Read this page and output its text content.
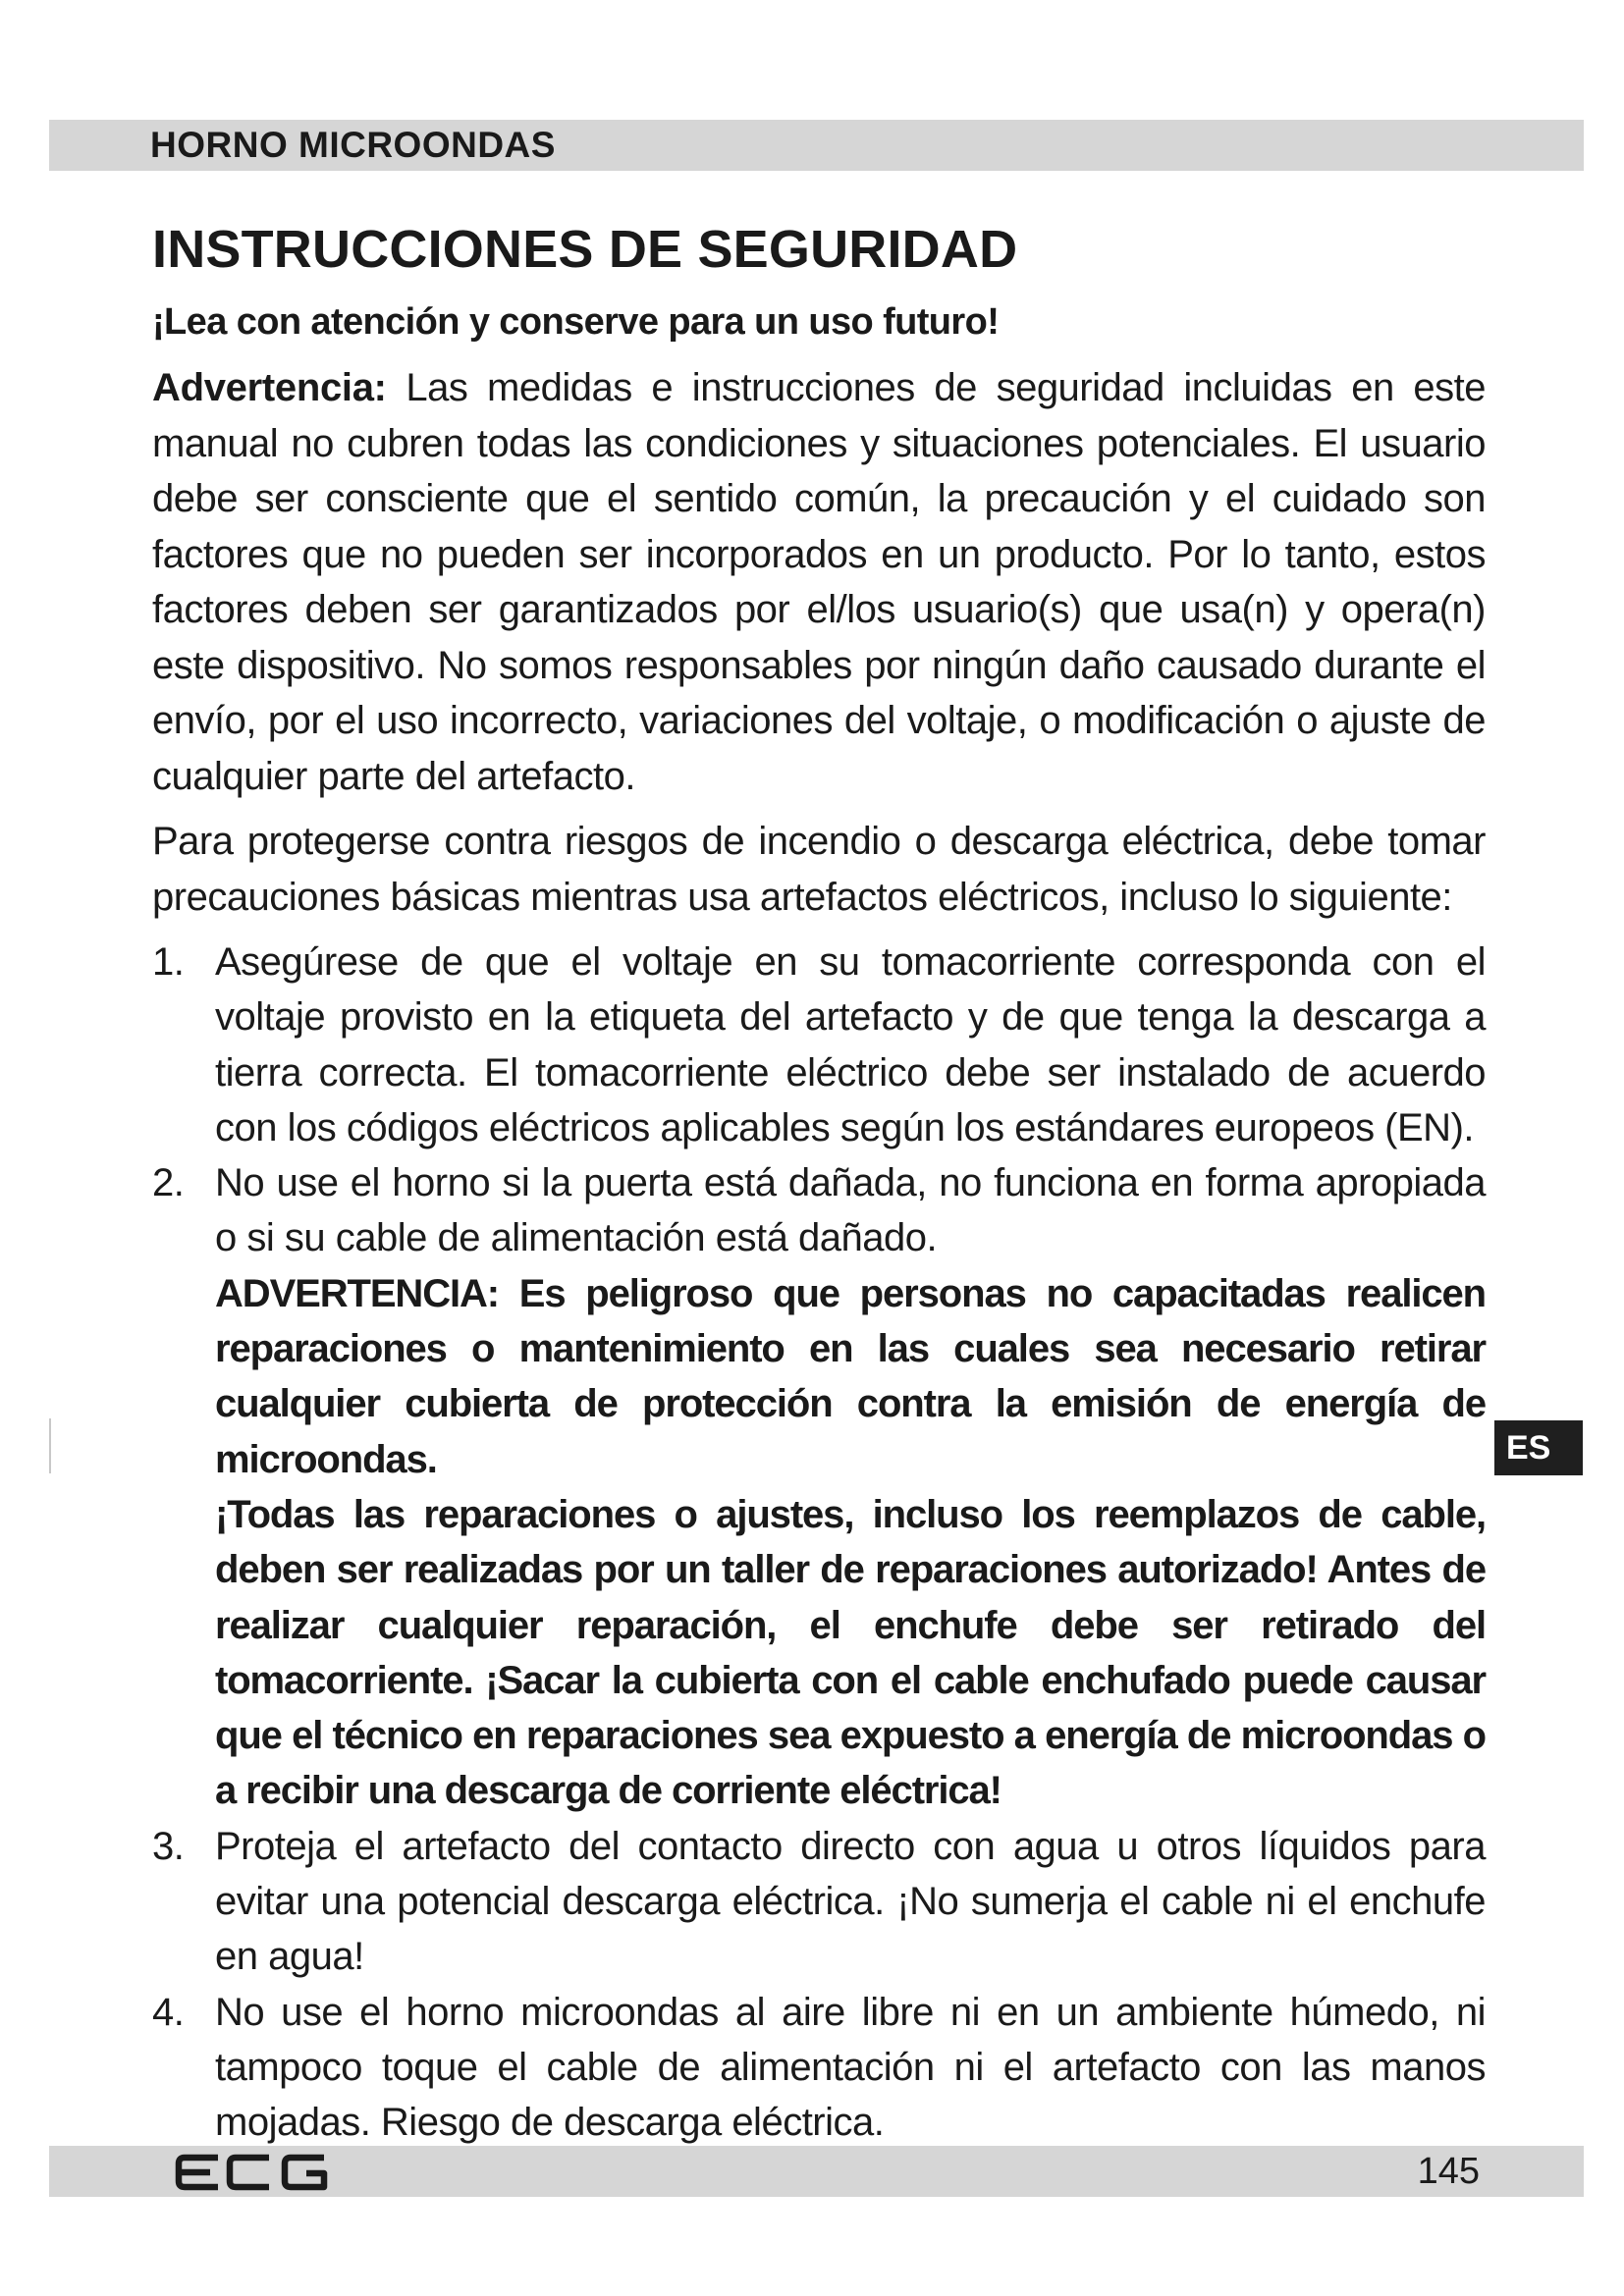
HORNO MICROONDAS
INSTRUCCIONES DE SEGURIDAD
¡Lea con atención y conserve para un uso futuro!

Advertencia: Las medidas e instrucciones de seguridad incluidas en este manual no cubren todas las condiciones y situaciones potenciales. El usuario debe ser consciente que el sentido común, la precaución y el cuidado son factores que no pueden ser incorporados en un producto. Por lo tanto, estos factores deben ser garantizados por el/los usuario(s) que usa(n) y opera(n) este dispositivo. No somos responsables por ningún daño causado durante el envío, por el uso incorrecto, variaciones del voltaje, o modificación o ajuste de cualquier parte del artefacto.

Para protegerse contra riesgos de incendio o descarga eléctrica, debe tomar precauciones básicas mientras usa artefactos eléctricos, incluso lo siguiente:

1. Asegúrese de que el voltaje en su tomacorriente corresponda con el voltaje provisto en la etiqueta del artefacto y de que tenga la descarga a tierra correcta. El tomacorriente eléctrico debe ser instalado de acuerdo con los códigos eléctricos aplicables según los estándares europeos (EN).
2. No use el horno si la puerta está dañada, no funciona en forma apropiada o si su cable de alimentación está dañado.
ADVERTENCIA: Es peligroso que personas no capacitadas realicen reparaciones o mantenimiento en las cuales sea necesario retirar cualquier cubierta de protección contra la emisión de energía de microondas.
¡Todas las reparaciones o ajustes, incluso los reemplazos de cable, deben ser realizadas por un taller de reparaciones autorizado! Antes de realizar cualquier reparación, el enchufe debe ser retirado del tomacorriente. ¡Sacar la cubierta con el cable enchufado puede causar que el técnico en reparaciones sea expuesto a energía de microondas o a recibir una descarga de corriente eléctrica!
3. Proteja el artefacto del contacto directo con agua u otros líquidos para evitar una potencial descarga eléctrica. ¡No sumerja el cable ni el enchufe en agua!
4. No use el horno microondas al aire libre ni en un ambiente húmedo, ni tampoco toque el cable de alimentación ni el artefacto con las manos mojadas. Riesgo de descarga eléctrica.
ES
145
